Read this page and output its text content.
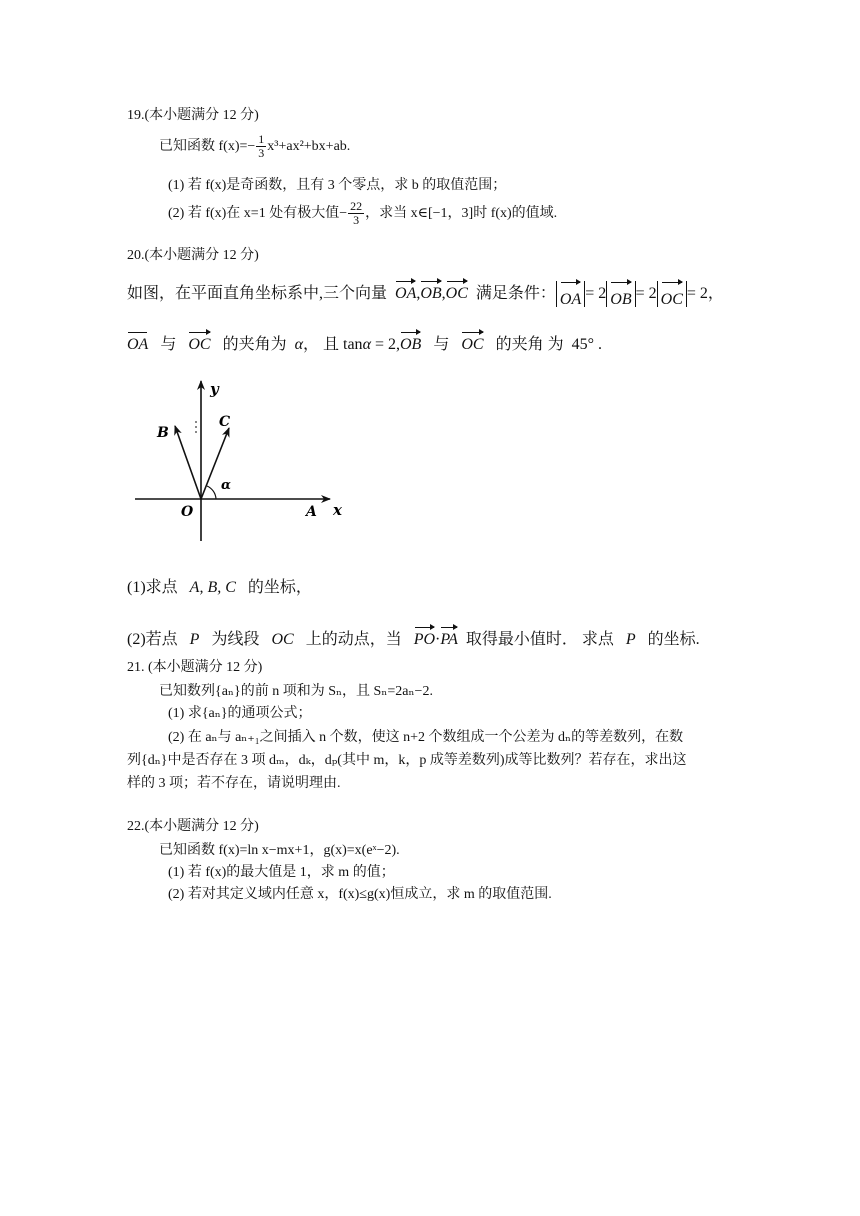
19.(本小题满分 12 分)
已知函数 $f(x)=- \frac{1}{3} x^3+ax^2+bx+ab$.
(1) 若 f(x)是奇函数，且有 3 个零点，求 b 的取值范围；
(2) 若 f(x)在 x=1 处有极大值− $\frac{22}{3}$ ，求当 x∈[−1，3]时 f(x)的值域.
20.(本小题满分 12 分)
如图，在平面直角坐标系中,三个向量 OA,OB,OC 满足条件： OA = 2 OB = 2 OC = 2，
OA 与 OC 的夹角为 α， 且 tanα = 2,OB 与 OC 的夹角 为 45° .
y
x
O	A
B
C
α
(1)求点 A, B, C 的坐标，
(2)若点 P 为线段 OC 上的动点，当 PO·PA 取得最小值时． 求点 P 的坐标.
21. (本小题满分 12 分)
已知数列{aₙ}的前 n 项和为 Sₙ，且 Sₙ=2aₙ−2.
(1) 求{aₙ}的通项公式；
(2) 在 aₙ与 aₙ₊₁之间插入 n 个数，使这 n+2 个数组成一个公差为 dₙ的等差数列，在数
列{dₙ}中是否存在 3 项 dₘ，dₖ，dₚ(其中 m，k，p 成等差数列)成等比数列？若存在，求出这
样的 3 项；若不存在，请说明理由.
22.(本小题满分 12 分)
已知函数 f(x)=ln x−mx+1，g(x)=x(eˣ−2).
(1) 若 f(x)的最大值是 1，求 m 的值；
(2) 若对其定义域内任意 x，f(x)≤g(x)恒成立，求 m 的取值范围.
